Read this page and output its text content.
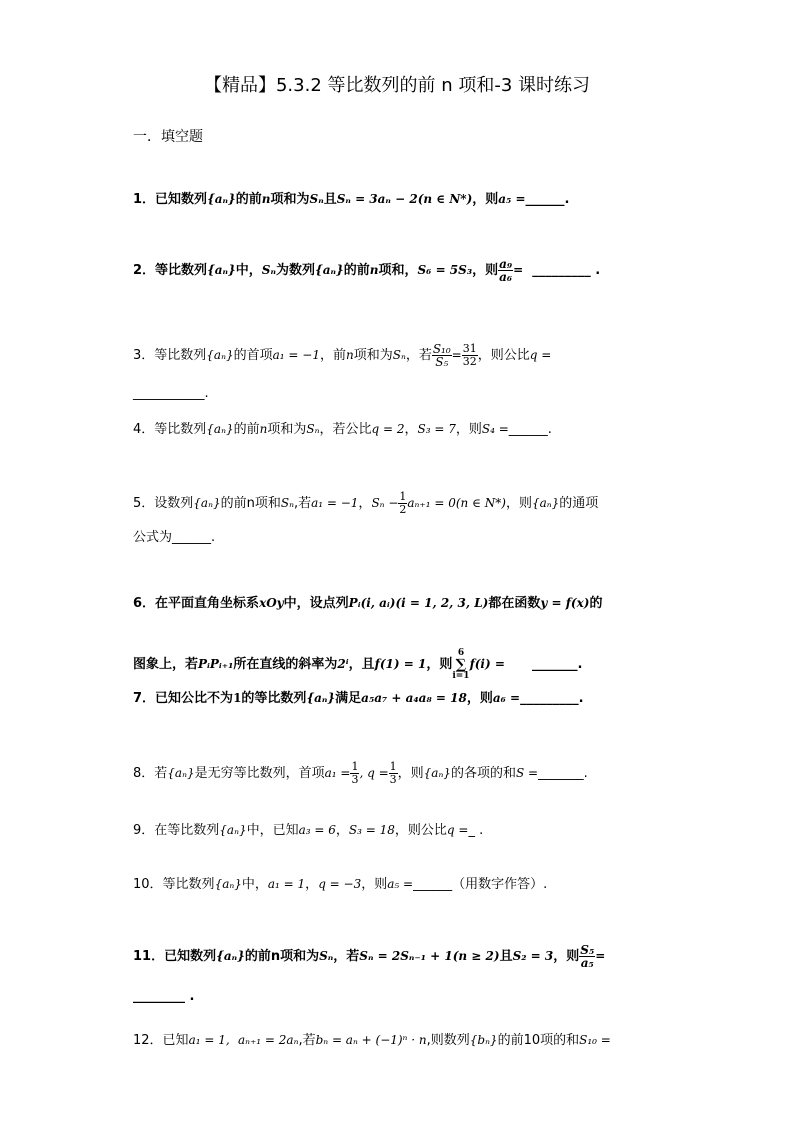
【精品】5.3.2 等比数列的前 n 项和-3 课时练习
一．填空题
1．已知数列{aₙ}的前n项和为Sₙ且Sₙ = 3aₙ − 2(n ∈ N*)，则a₅ =______.
2．等比数列{aₙ}中，Sₙ为数列{aₙ}的前n项和，S₆ = 5S₃，则 $\frac{\text{a₉}}{\text{a₆}}$ = _________ .
3．等比数列{aₙ}的首项a₁ = −1，前n项和为Sₙ，若 $\frac{\text{S₁₀}}{\text{S₅}} = \frac{31}{32}$ ，则公比q =
___________.
4．等比数列{aₙ}的前n项和为Sₙ，若公比q = 2，S₃ = 7，则S₄ =______.
5．设数列{aₙ}的前n项和Sₙ,若a₁ = −1，$S_n - \frac{1}{2} a_{n+1} = 0(n$ ∈ N*)，则{aₙ}的通项
公式为______.
6．在平面直角坐标系xOy中，设点列Pᵢ(i, aᵢ)(i = 1, 2, 3, L)都在函数y = f(x)的
图象上，若PᵢPᵢ₊₁所在直线的斜率为2ⁱ，且f(1) = 1，则
6
∑
i=1
f(i) = _______.
7．已知公比不为1的等比数列{aₙ}满足a₅a₇ + a₄a₈ = 18，则a₆ =_________.
8．若{aₙ}是无穷等比数列，首项$a_1 = \frac{1}{3}$ , $q = \frac{1}{3}$ ，则{aₙ}的各项的和S =_______.
9．在等比数列{aₙ}中，已知a₃ = 6，S₃ = 18，则公比q =_ .
10．等比数列{aₙ}中，a₁ = 1，q = −3，则a₅ =______（用数字作答）.
11．已知数列{aₙ}的前n项和为Sₙ，若Sₙ = 2Sₙ₋₁ + 1(n ≥ 2)且S₂ = 3，则 $\frac{\text{S₅}}{\text{a₅}}$ =
________ .
12．已知a₁ = 1, aₙ₊₁ = 2aₙ,若bₙ = aₙ + (−1)ⁿ · n,则数列{bₙ}的前10项的和S₁₀ =
